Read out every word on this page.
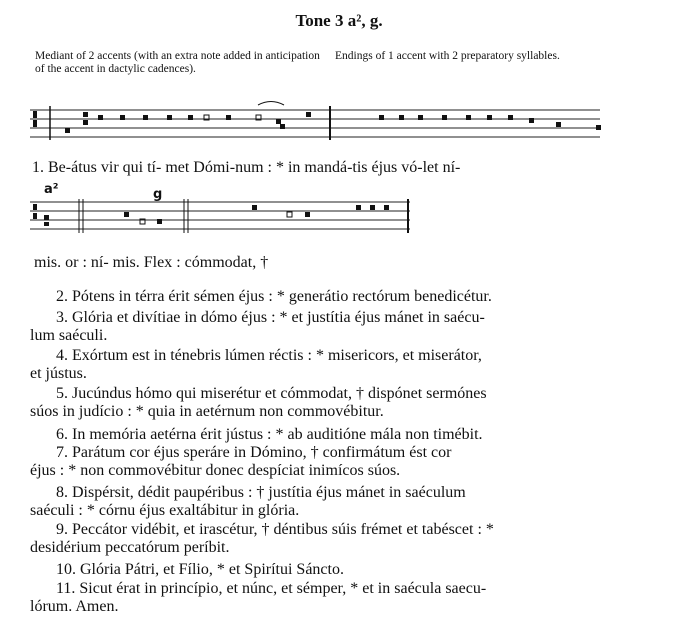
Tone 3 a², g.
Mediant of 2 accents (with an extra note added in anticipation of the accent in dactylic cadences).
Endings of 1 accent with 2 preparatory syllables.
1. Be-átus vir qui tí- met Dómi-num : * in mandá-tis éjus vó-let ní-
a²	g
mis. or : ní- mis. Flex : cómmodat, †
2. Pótens in térra érit sémen éjus : * generátio rectórum benedicétur.
3. Glória et divítiae in dómo éjus : * et justítia éjus mánet in saécu-
lum saéculi.
4. Exórtum est in ténebris lúmen réctis : * misericors, et miserátor,
et jústus.
5. Jucúndus hómo qui miserétur et cómmodat, † dispónet sermónes
súos in judício : * quia in aetérnum non commovébitur.
6. In memória aetérna érit jústus : * ab auditióne mála non timébit.
7. Parátum cor éjus speráre in Dómino, † confirmátum ést cor
éjus : * non commovébitur donec despíciat inimícos súos.
8. Dispérsit, dédit paupéribus : † justítia éjus mánet in saéculum
saéculi : * córnu éjus exaltábitur in glória.
9. Peccátor vidébit, et irascétur, † déntibus súis frémet et tabéscet : *
desidérium peccatórum períbit.
10. Glória Pátri, et Fílio, * et Spirítui Sáncto.
11. Sicut érat in princípio, et núnc, et sémper, * et in saécula saecu-
lórum. Amen.
